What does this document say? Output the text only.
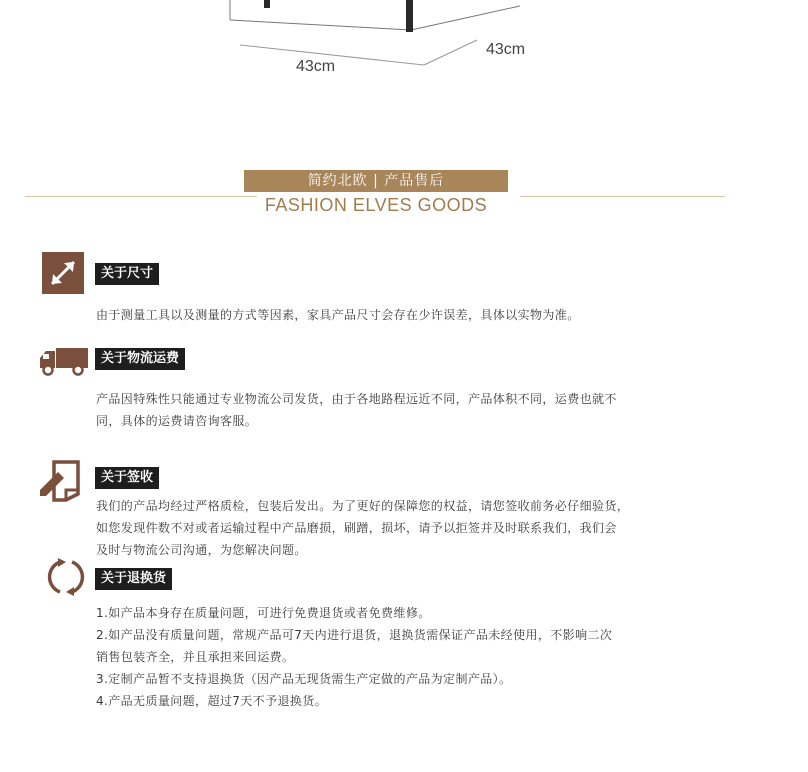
43cm
43cm
简约北欧 | 产品售后
FASHION ELVES GOODS
关于尺寸

由于测量工具以及测量的方式等因素，家具产品尺寸会存在少许误差，具体以实物为准。

关于物流运费

产品因特殊性只能通过专业物流公司发货，由于各地路程远近不同，产品体积不同，运费也就不

同，具体的运费请咨询客服。

关于签收

我们的产品均经过严格质检，包装后发出。为了更好的保障您的权益，请您签收前务必仔细验货，

如您发现件数不对或者运输过程中产品磨损，刷蹭，损坏，请予以拒签并及时联系我们，我们会

及时与物流公司沟通，为您解决问题。

关于退换货

1.如产品本身存在质量问题，可进行免费退货或者免费维修。

2.如产品没有质量问题，常规产品可7天内进行退货，退换货需保证产品未经使用，不影响二次

销售包装齐全，并且承担来回运费。

3.定制产品暂不支持退换货（因产品无现货需生产定做的产品为定制产品）。

4.产品无质量问题，超过7天不予退换货。
